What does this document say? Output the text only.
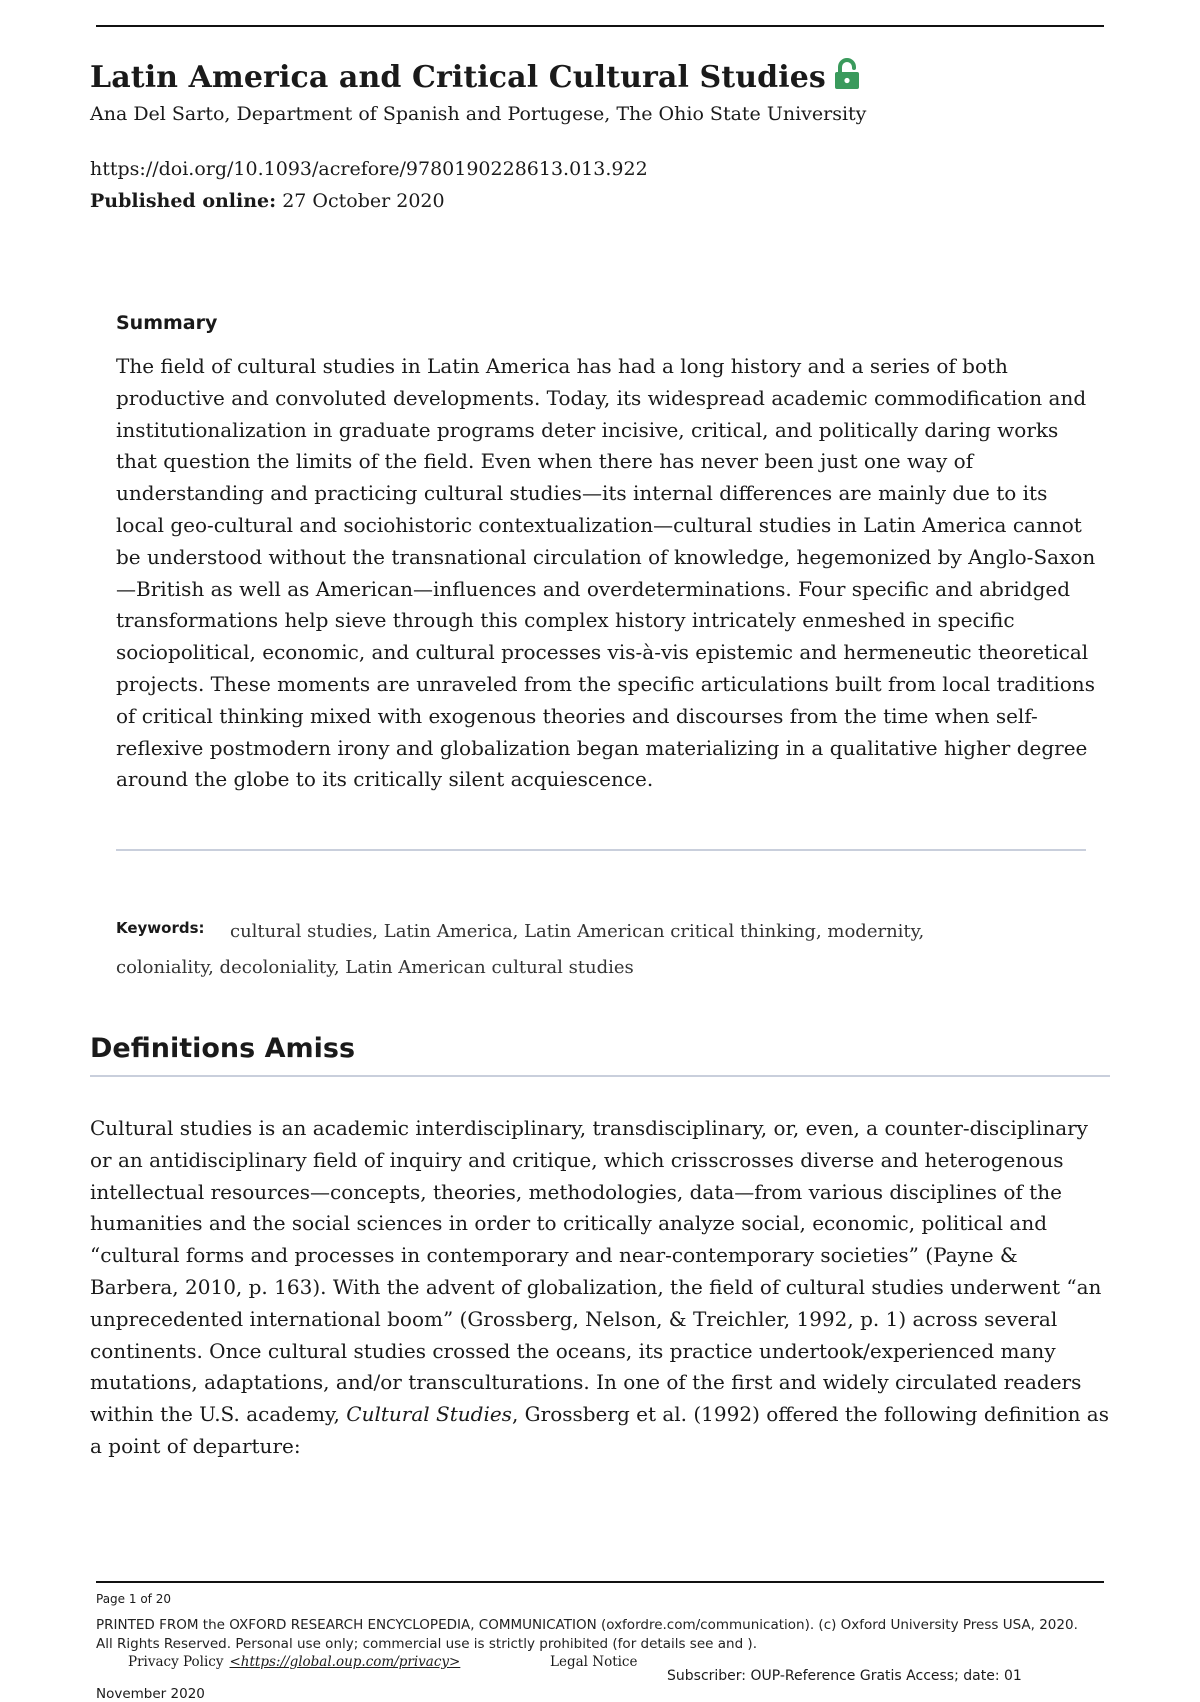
Latin America and Critical Cultural Studies
Ana Del Sarto, Department of Spanish and Portugese, The Ohio State University
https://doi.org/10.1093/acrefore/9780190228613.013.922
Published online: 27 October 2020
Summary

The field of cultural studies in Latin America has had a long history and a series of both productive and convoluted developments. Today, its widespread academic commodification and institutionalization in graduate programs deter incisive, critical, and politically daring works that question the limits of the field. Even when there has never been just one way of understanding and practicing cultural studies—its internal differences are mainly due to its local geo-cultural and sociohistoric contextualization—cultural studies in Latin America cannot be understood without the transnational circulation of knowledge, hegemonized by Anglo-Saxon—British as well as American—influences and overdeterminations. Four specific and abridged transformations help sieve through this complex history intricately enmeshed in specific sociopolitical, economic, and cultural processes vis-à-vis epistemic and hermeneutic theoretical projects. These moments are unraveled from the specific articulations built from local traditions of critical thinking mixed with exogenous theories and discourses from the time when self-reflexive postmodern irony and globalization began materializing in a qualitative higher degree around the globe to its critically silent acquiescence.

Keywords:	cultural studies, Latin America, Latin American critical thinking, modernity, coloniality, decoloniality, Latin American cultural studies

Definitions Amiss

Cultural studies is an academic interdisciplinary, transdisciplinary, or, even, a counter-disciplinary or an antidisciplinary field of inquiry and critique, which crisscrosses diverse and heterogenous intellectual resources—concepts, theories, methodologies, data—from various disciplines of the humanities and the social sciences in order to critically analyze social, economic, political and “cultural forms and processes in contemporary and near-contemporary societies” (Payne & Barbera, 2010, p. 163). With the advent of globalization, the field of cultural studies underwent “an unprecedented international boom” (Grossberg, Nelson, & Treichler, 1992, p. 1) across several continents. Once cultural studies crossed the oceans, its practice undertook/experienced many mutations, adaptations, and/or transculturations. In one of the first and widely circulated readers within the U.S. academy, Cultural Studies, Grossberg et al. (1992) offered the following definition as a point of departure:

Page 1 of 20

PRINTED FROM the OXFORD RESEARCH ENCYCLOPEDIA, COMMUNICATION (oxfordre.com/communication). (c) Oxford University Press USA, 2020. All Rights Reserved. Personal use only; commercial use is strictly prohibited (for details see and ).

Privacy Policy <https://global.oup.com/privacy>	Legal Notice
Subscriber: OUP-Reference Gratis Access; date: 01
November 2020
